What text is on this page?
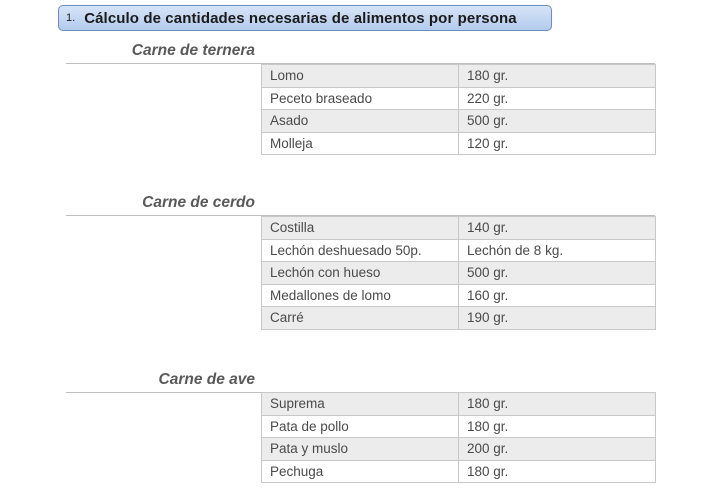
1. Cálculo de cantidades necesarias de alimentos por persona
Carne de ternera
Lomo	180 gr.
Peceto braseado	220 gr.
Asado	500 gr.
Molleja	120 gr.
Carne de cerdo
Costilla	140 gr.
Lechón deshuesado 50p.	Lechón de 8 kg.
Lechón con hueso	500 gr.
Medallones de lomo	160 gr.
Carré	190 gr.
Carne de ave
Suprema	180 gr.
Pata de pollo	180 gr.
Pata y muslo	200 gr.
Pechuga	180 gr.
